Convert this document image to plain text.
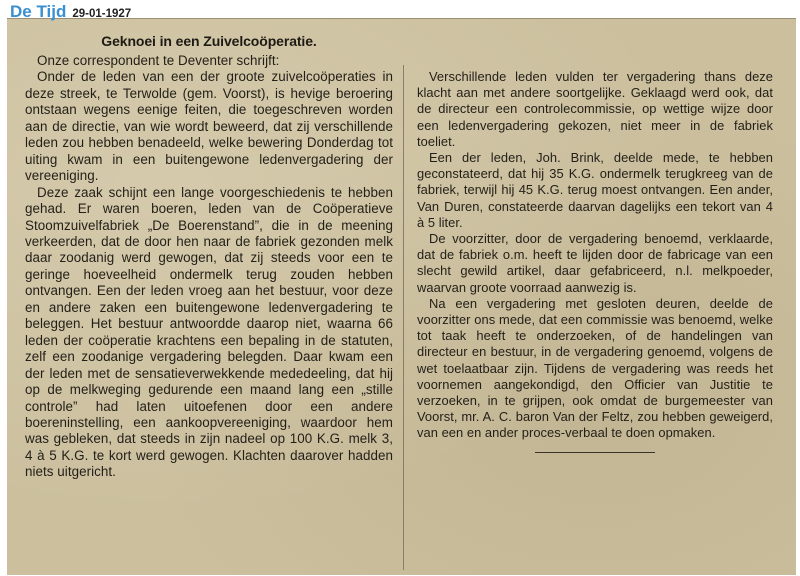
De Tijd 29-01-1927
Geknoei in een Zuivelcoöperatie.

Onze correspondent te Deventer schrijft:

Onder de leden van een der groote zuivelcoöperaties in deze streek, te Terwolde (gem. Voorst), is hevige beroering ontstaan wegens eenige feiten, die toegeschreven worden aan de directie, van wie wordt beweerd, dat zij verschillende leden zou hebben benadeeld, welke bewering Donderdag tot uiting kwam in een buitengewone ledenvergadering der vereeniging.

Deze zaak schijnt een lange voorgeschiedenis te hebben gehad. Er waren boeren, leden van de Coöperatieve Stoomzuivelfabriek „De Boerenstand”, die in de meening verkeerden, dat de door hen naar de fabriek gezonden melk daar zoodanig werd gewogen, dat zij steeds voor een te geringe hoeveelheid ondermelk terug zouden hebben ontvangen. Een der leden vroeg aan het bestuur, voor deze en andere zaken een buitengewone ledenvergadering te beleggen. Het bestuur antwoordde daarop niet, waarna 66 leden der coöperatie krachtens een bepaling in de statuten, zelf een zoodanige vergadering belegden. Daar kwam een der leden met de sensatieverwekkende mededeeling, dat hij op de melkweging gedurende een maand lang een „stille controle” had laten uitoefenen door een andere boereninstelling, een aankoopvereeniging, waardoor hem was gebleken, dat steeds in zijn nadeel op 100 K.G. melk 3, 4 à 5 K.G. te kort werd gewogen. Klachten daarover hadden niets uitgericht.

Verschillende leden vulden ter vergadering thans deze klacht aan met andere soortgelijke. Geklaagd werd ook, dat de directeur een controlecommissie, op wettige wijze door een ledenvergadering gekozen, niet meer in de fabriek toeliet.

Een der leden, Joh. Brink, deelde mede, te hebben geconstateerd, dat hij 35 K.G. ondermelk terugkreeg van de fabriek, terwijl hij 45 K.G. terug moest ontvangen. Een ander, Van Duren, constateerde daarvan dagelijks een tekort van 4 à 5 liter.

De voorzitter, door de vergadering benoemd, verklaarde, dat de fabriek o.m. heeft te lijden door de fabricage van een slecht gewild artikel, daar gefabriceerd, n.l. melkpoeder, waarvan groote voorraad aanwezig is.

Na een vergadering met gesloten deuren, deelde de voorzitter ons mede, dat een commissie was benoemd, welke tot taak heeft te onderzoeken, of de handelingen van directeur en bestuur, in de vergadering genoemd, volgens de wet toelaatbaar zijn. Tijdens de vergadering was reeds het voornemen aangekondigd, den Officier van Justitie te verzoeken, in te grijpen, ook omdat de burgemeester van Voorst, mr. A. C. baron Van der Feltz, zou hebben geweigerd, van een en ander proces-verbaal te doen opmaken.
